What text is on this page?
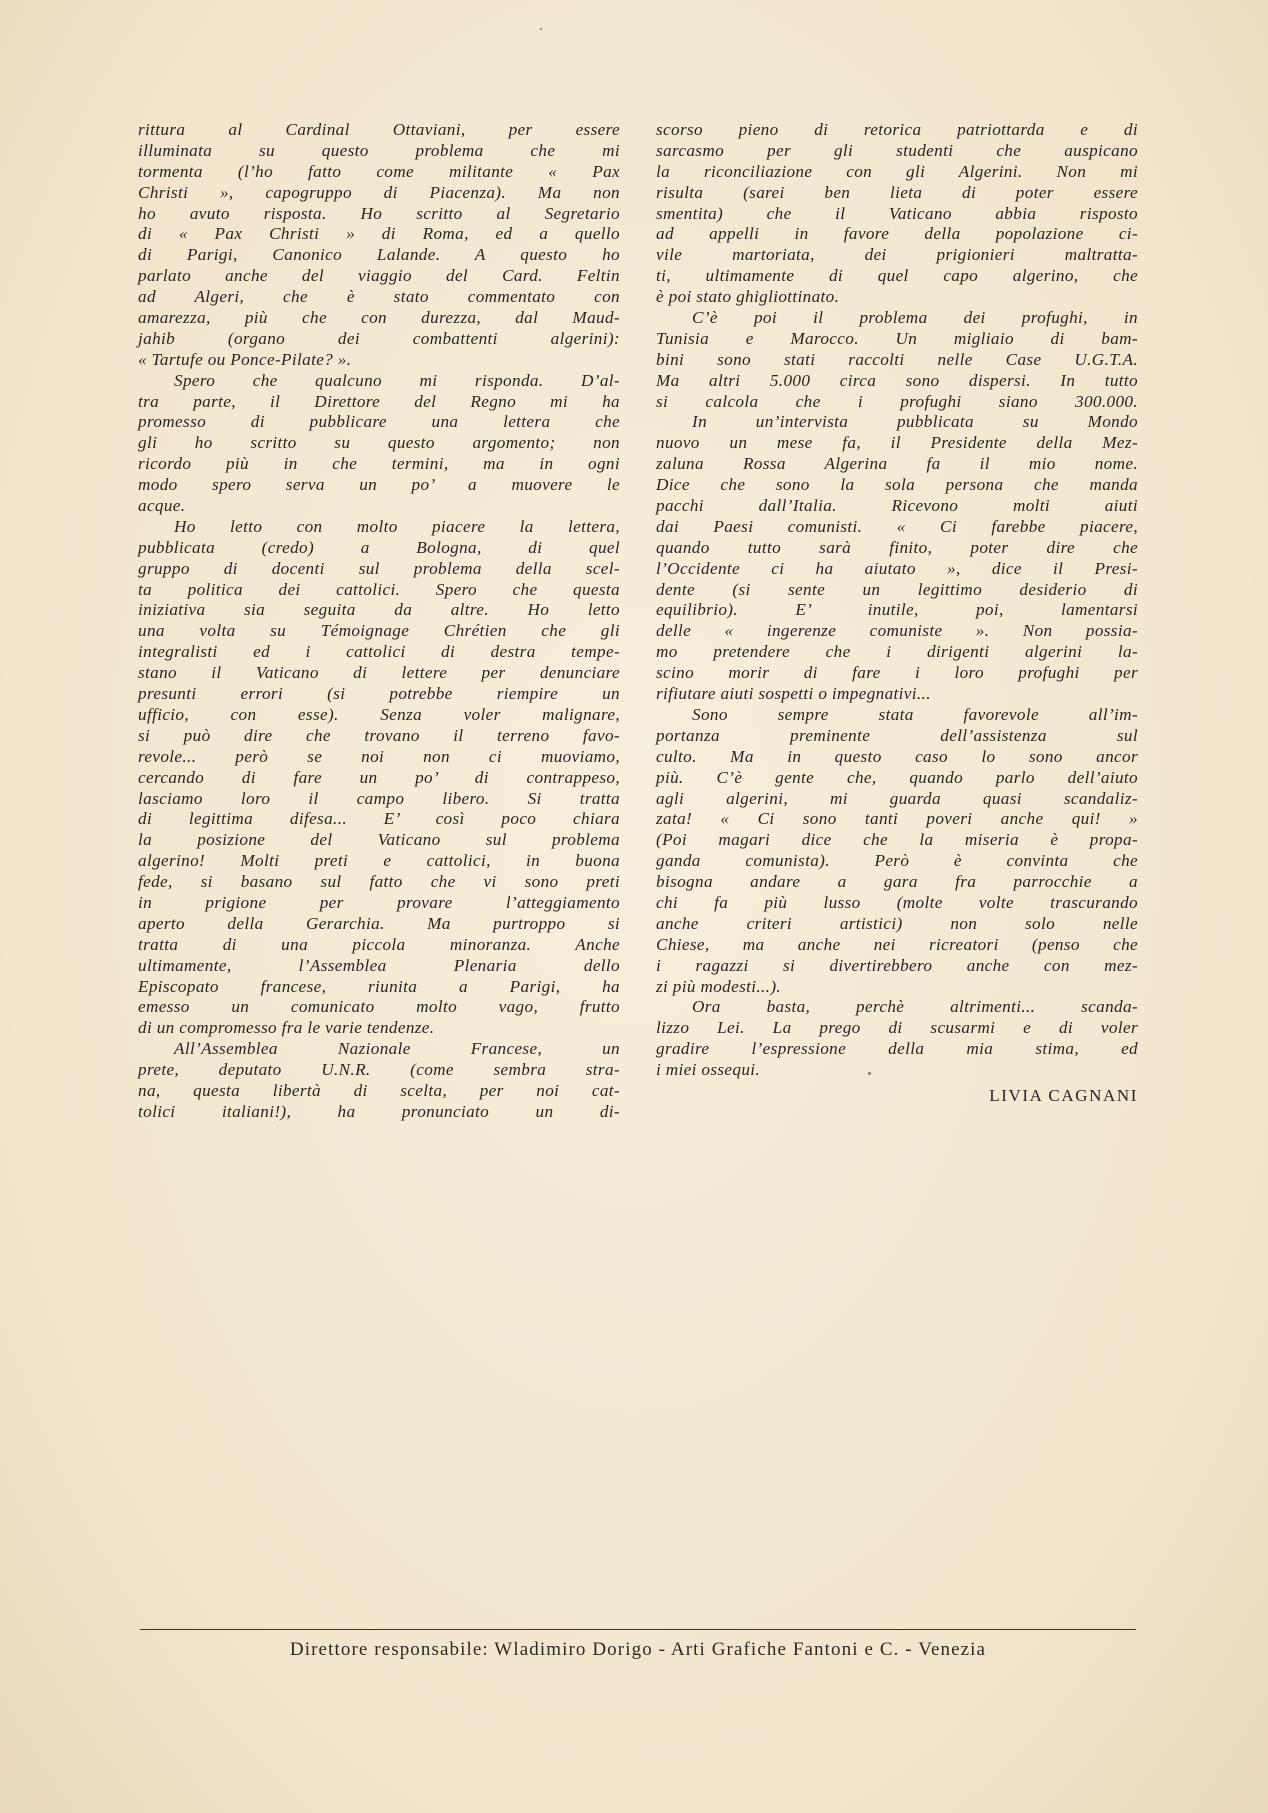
rittura al Cardinal Ottaviani, per essere
illuminata su questo problema che mi
tormenta (l’ho fatto come militante « Pax
Christi », capogruppo di Piacenza). Ma non
ho avuto risposta. Ho scritto al Segretario
di « Pax Christi » di Roma, ed a quello
di Parigi, Canonico Lalande. A questo ho
parlato anche del viaggio del Card. Feltin
ad Algeri, che è stato commentato con
amarezza, più che con durezza, dal Maud-
jahib (organo dei combattenti algerini):
« Tartufe ou Ponce-Pilate? ».
Spero che qualcuno mi risponda. D’al-
tra parte, il Direttore del Regno mi ha
promesso di pubblicare una lettera che
gli ho scritto su questo argomento; non
ricordo più in che termini, ma in ogni
modo spero serva un po’ a muovere le
acque.
Ho letto con molto piacere la lettera,
pubblicata (credo) a Bologna, di quel
gruppo di docenti sul problema della scel-
ta politica dei cattolici. Spero che questa
iniziativa sia seguita da altre. Ho letto
una volta su Témoignage Chrétien che gli
integralisti ed i cattolici di destra tempe-
stano il Vaticano di lettere per denunciare
presunti errori (si potrebbe riempire un
ufficio, con esse). Senza voler malignare,
si può dire che trovano il terreno favo-
revole... però se noi non ci muoviamo,
cercando di fare un po’ di contrappeso,
lasciamo loro il campo libero. Si tratta
di legittima difesa... E’ così poco chiara
la posizione del Vaticano sul problema
algerino! Molti preti e cattolici, in buona
fede, si basano sul fatto che vi sono preti
in prigione per provare l’atteggiamento
aperto della Gerarchia. Ma purtroppo si
tratta di una piccola minoranza. Anche
ultimamente, l’Assemblea Plenaria dello
Episcopato francese, riunita a Parigi, ha
emesso un comunicato molto vago, frutto
di un compromesso fra le varie tendenze.
All’Assemblea Nazionale Francese, un
prete, deputato U.N.R. (come sembra stra-
na, questa libertà di scelta, per noi cat-
tolici italiani!), ha pronunciato un di-
scorso pieno di retorica patriottarda e di
sarcasmo per gli studenti che auspicano
la riconciliazione con gli Algerini. Non mi
risulta (sarei ben lieta di poter essere
smentita) che il Vaticano abbia risposto
ad appelli in favore della popolazione ci-
vile martoriata, dei prigionieri maltratta-
ti, ultimamente di quel capo algerino, che
è poi stato ghigliottinato.
C’è poi il problema dei profughi, in
Tunisia e Marocco. Un migliaio di bam-
bini sono stati raccolti nelle Case U.G.T.A.
Ma altri 5.000 circa sono dispersi. In tutto
si calcola che i profughi siano 300.000.
In un’intervista pubblicata su Mondo
nuovo un mese fa, il Presidente della Mez-
zaluna Rossa Algerina fa il mio nome.
Dice che sono la sola persona che manda
pacchi dall’Italia. Ricevono molti aiuti
dai Paesi comunisti. « Ci farebbe piacere,
quando tutto sarà finito, poter dire che
l’Occidente ci ha aiutato », dice il Presi-
dente (si sente un legittimo desiderio di
equilibrio). E’ inutile, poi, lamentarsi
delle « ingerenze comuniste ». Non possia-
mo pretendere che i dirigenti algerini la-
scino morir di fare i loro profughi per
rifiutare aiuti sospetti o impegnativi...
Sono sempre stata favorevole all’im-
portanza preminente dell’assistenza sul
culto. Ma in questo caso lo sono ancor
più. C’è gente che, quando parlo dell’aiuto
agli algerini, mi guarda quasi scandaliz-
zata! « Ci sono tanti poveri anche qui! »
(Poi magari dice che la miseria è propa-
ganda comunista). Però è convinta che
bisogna andare a gara fra parrocchie a
chi fa più lusso (molte volte trascurando
anche criteri artistici) non solo nelle
Chiese, ma anche nei ricreatori (penso che
i ragazzi si divertirebbero anche con mez-
zi più modesti...).
Ora basta, perchè altrimenti... scanda-
lizzo Lei. La prego di scusarmi e di voler
gradire l’espressione della mia stima, ed
i miei ossequi.
LIVIA CAGNANI
Direttore responsabile: Wladimiro Dorigo - Arti Grafiche Fantoni e C. - Venezia
